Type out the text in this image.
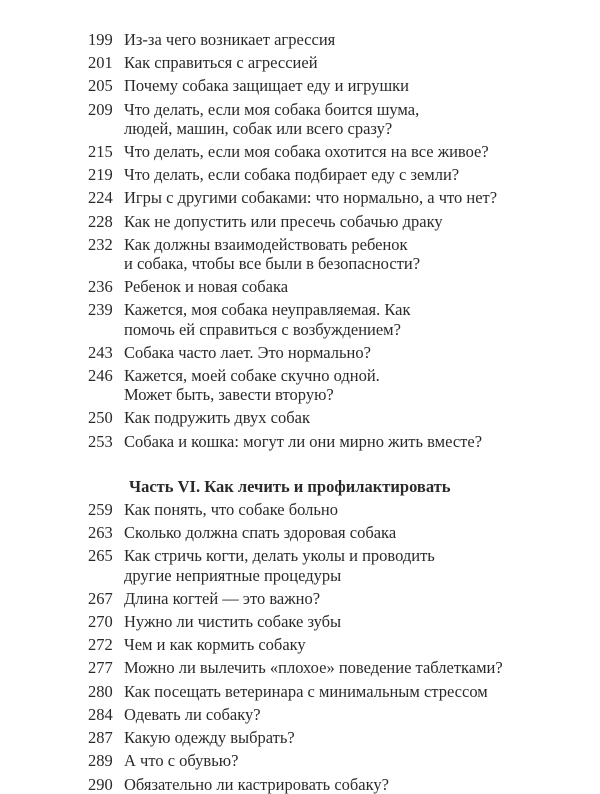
199 Из-за чего возникает агрессия
201 Как справиться с агрессией
205 Почему собака защищает еду и игрушки
209 Что делать, если моя собака боится шума,
людей, машин, собак или всего сразу?
215 Что делать, если моя собака охотится на все живое?
219 Что делать, если собака подбирает еду с земли?
224 Игры с другими собаками: что нормально, а что нет?
228 Как не допустить или пресечь собачью драку
232 Как должны взаимодействовать ребенок
и собака, чтобы все были в безопасности?
236 Ребенок и новая собака
239 Кажется, моя собака неуправляемая. Как
помочь ей справиться с возбуждением?
243 Собака часто лает. Это нормально?
246 Кажется, моей собаке скучно одной.
Может быть, завести вторую?
250 Как подружить двух собак
253 Собака и кошка: могут ли они мирно жить вместе?
Часть VI. Как лечить и профилактировать
259 Как понять, что собаке больно
263 Сколько должна спать здоровая собака
265 Как стричь когти, делать уколы и проводить
другие неприятные процедуры
267 Длина когтей — это важно?
270 Нужно ли чистить собаке зубы
272 Чем и как кормить собаку
277 Можно ли вылечить «плохое» поведение таблетками?
280 Как посещать ветеринара с минимальным стрессом
284 Одевать ли собаку?
287 Какую одежду выбрать?
289 А что с обувью?
290 Обязательно ли кастрировать собаку?
